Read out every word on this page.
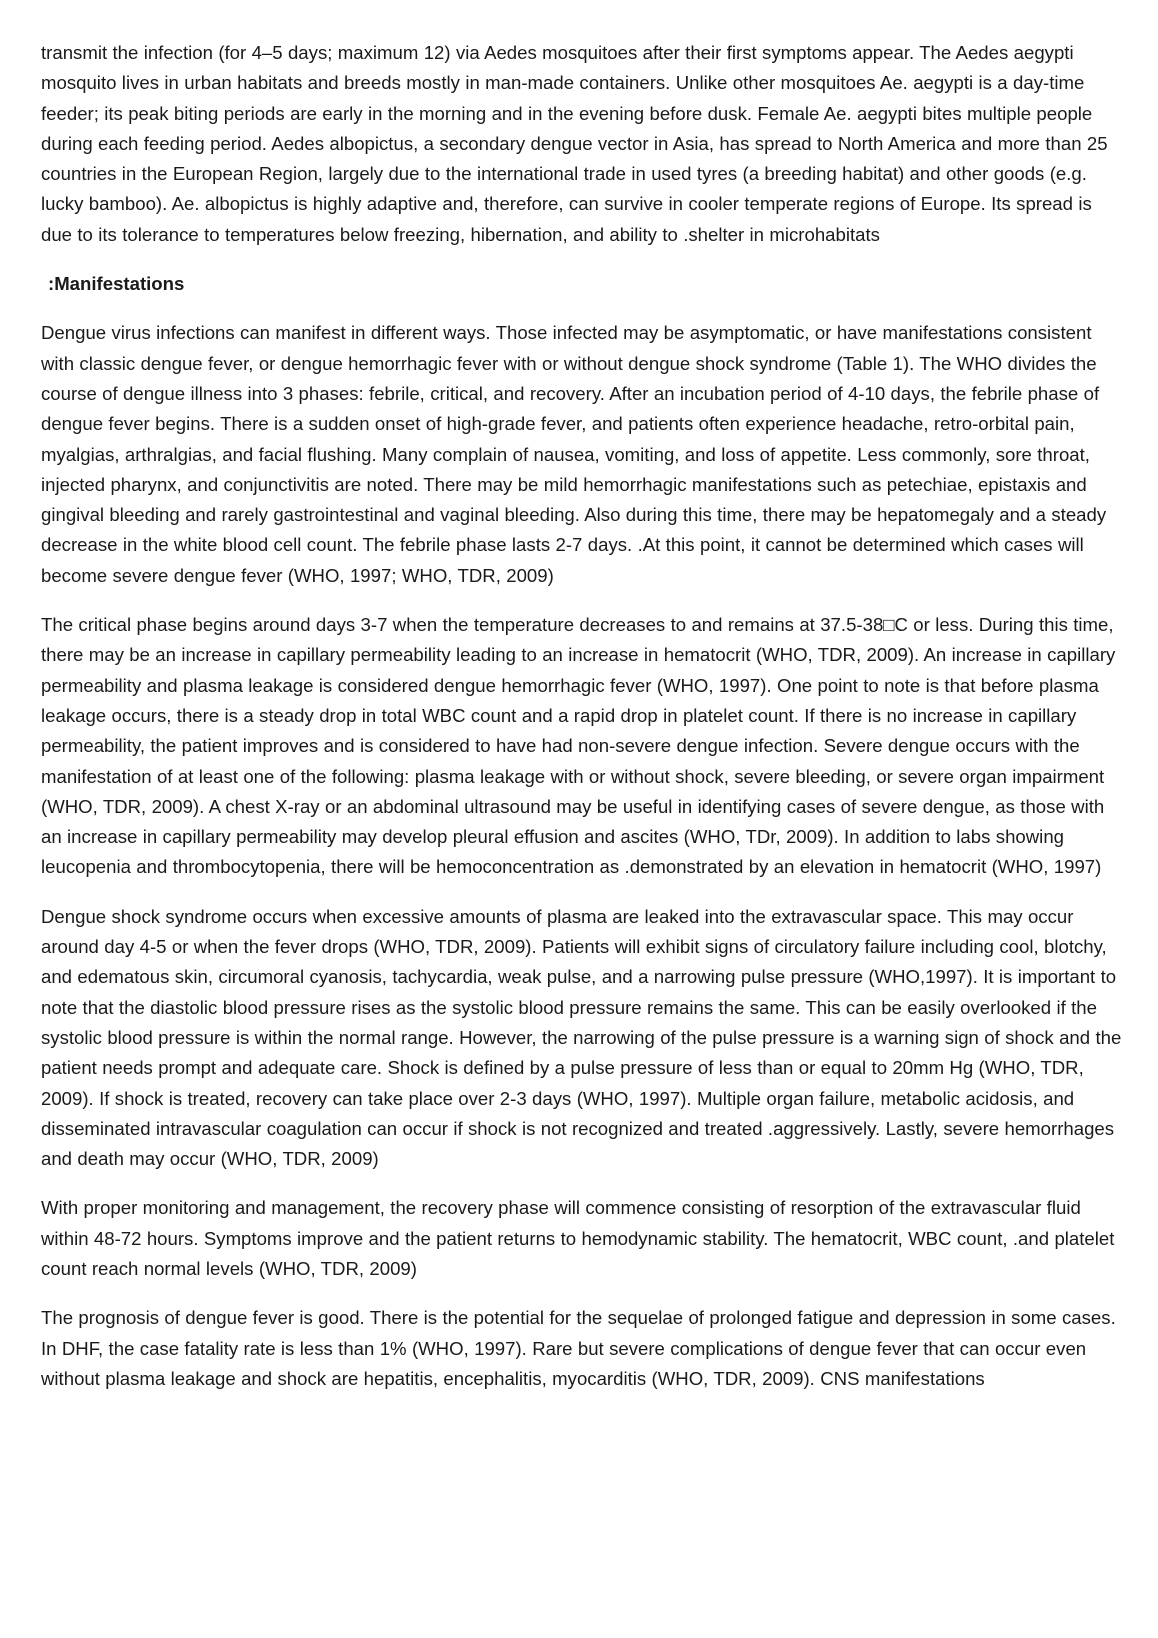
transmit the infection (for 4–5 days; maximum 12) via Aedes mosquitoes after their first symptoms appear. The Aedes aegypti mosquito lives in urban habitats and breeds mostly in man-made containers. Unlike other mosquitoes Ae. aegypti is a day-time feeder; its peak biting periods are early in the morning and in the evening before dusk. Female Ae. aegypti bites multiple people during each feeding period. Aedes albopictus, a secondary dengue vector in Asia, has spread to North America and more than 25 countries in the European Region, largely due to the international trade in used tyres (a breeding habitat) and other goods (e.g. lucky bamboo). Ae. albopictus is highly adaptive and, therefore, can survive in cooler temperate regions of Europe. Its spread is due to its tolerance to temperatures below freezing, hibernation, and ability to .shelter in microhabitats

:Manifestations

Dengue virus infections can manifest in different ways. Those infected may be asymptomatic, or have manifestations consistent with classic dengue fever, or dengue hemorrhagic fever with or without dengue shock syndrome (Table 1). The WHO divides the course of dengue illness into 3 phases: febrile, critical, and recovery. After an incubation period of 4-10 days, the febrile phase of dengue fever begins. There is a sudden onset of high-grade fever, and patients often experience headache, retro-orbital pain, myalgias, arthralgias, and facial flushing. Many complain of nausea, vomiting, and loss of appetite. Less commonly, sore throat, injected pharynx, and conjunctivitis are noted. There may be mild hemorrhagic manifestations such as petechiae, epistaxis and gingival bleeding and rarely gastrointestinal and vaginal bleeding. Also during this time, there may be hepatomegaly and a steady decrease in the white blood cell count. The febrile phase lasts 2-7 days. .At this point, it cannot be determined which cases will become severe dengue fever (WHO, 1997; WHO, TDR, 2009)

The critical phase begins around days 3-7 when the temperature decreases to and remains at 37.5-38□C or less. During this time, there may be an increase in capillary permeability leading to an increase in hematocrit (WHO, TDR, 2009). An increase in capillary permeability and plasma leakage is considered dengue hemorrhagic fever (WHO, 1997). One point to note is that before plasma leakage occurs, there is a steady drop in total WBC count and a rapid drop in platelet count. If there is no increase in capillary permeability, the patient improves and is considered to have had non-severe dengue infection. Severe dengue occurs with the manifestation of at least one of the following: plasma leakage with or without shock, severe bleeding, or severe organ impairment (WHO, TDR, 2009). A chest X-ray or an abdominal ultrasound may be useful in identifying cases of severe dengue, as those with an increase in capillary permeability may develop pleural effusion and ascites (WHO, TDr, 2009). In addition to labs showing leucopenia and thrombocytopenia, there will be hemoconcentration as .demonstrated by an elevation in hematocrit (WHO, 1997)

Dengue shock syndrome occurs when excessive amounts of plasma are leaked into the extravascular space. This may occur around day 4-5 or when the fever drops (WHO, TDR, 2009). Patients will exhibit signs of circulatory failure including cool, blotchy, and edematous skin, circumoral cyanosis, tachycardia, weak pulse, and a narrowing pulse pressure (WHO,1997). It is important to note that the diastolic blood pressure rises as the systolic blood pressure remains the same. This can be easily overlooked if the systolic blood pressure is within the normal range. However, the narrowing of the pulse pressure is a warning sign of shock and the patient needs prompt and adequate care. Shock is defined by a pulse pressure of less than or equal to 20mm Hg (WHO, TDR, 2009). If shock is treated, recovery can take place over 2-3 days (WHO, 1997). Multiple organ failure, metabolic acidosis, and disseminated intravascular coagulation can occur if shock is not recognized and treated .aggressively. Lastly, severe hemorrhages and death may occur (WHO, TDR, 2009)

With proper monitoring and management, the recovery phase will commence consisting of resorption of the extravascular fluid within 48-72 hours. Symptoms improve and the patient returns to hemodynamic stability. The hematocrit, WBC count, .and platelet count reach normal levels (WHO, TDR, 2009)

The prognosis of dengue fever is good. There is the potential for the sequelae of prolonged fatigue and depression in some cases. In DHF, the case fatality rate is less than 1% (WHO, 1997). Rare but severe complications of dengue fever that can occur even without plasma leakage and shock are hepatitis, encephalitis, myocarditis (WHO, TDR, 2009). CNS manifestations
